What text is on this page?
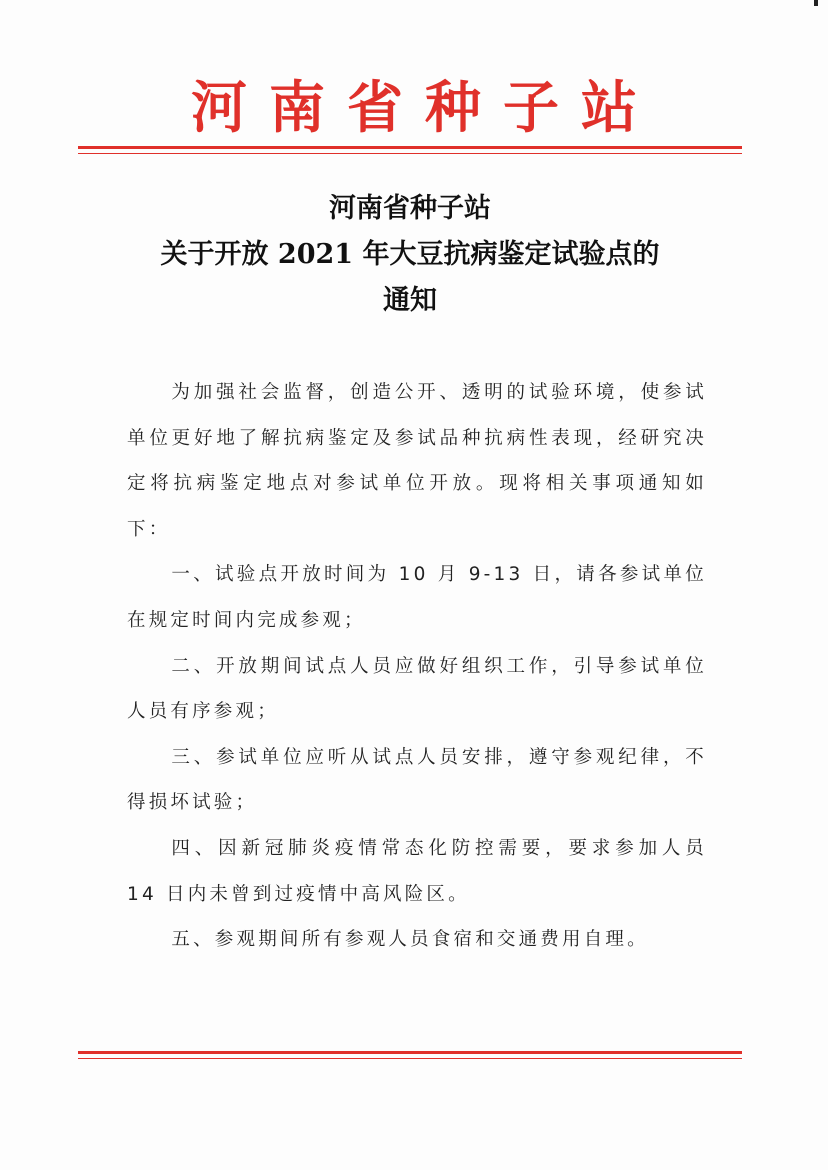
河南省种子站
河南省种子站
关于开放 2021 年大豆抗病鉴定试验点的
通知

为加强社会监督，创造公开、透明的试验环境，使参试单位更好地了解抗病鉴定及参试品种抗病性表现，经研究决定将抗病鉴定地点对参试单位开放。现将相关事项通知如下：

一、试验点开放时间为 10 月 9-13 日，请各参试单位在规定时间内完成参观；

二、开放期间试点人员应做好组织工作，引导参试单位人员有序参观；

三、参试单位应听从试点人员安排，遵守参观纪律，不得损坏试验；

四、因新冠肺炎疫情常态化防控需要，要求参加人员 14 日内未曾到过疫情中高风险区。

五、参观期间所有参观人员食宿和交通费用自理。
